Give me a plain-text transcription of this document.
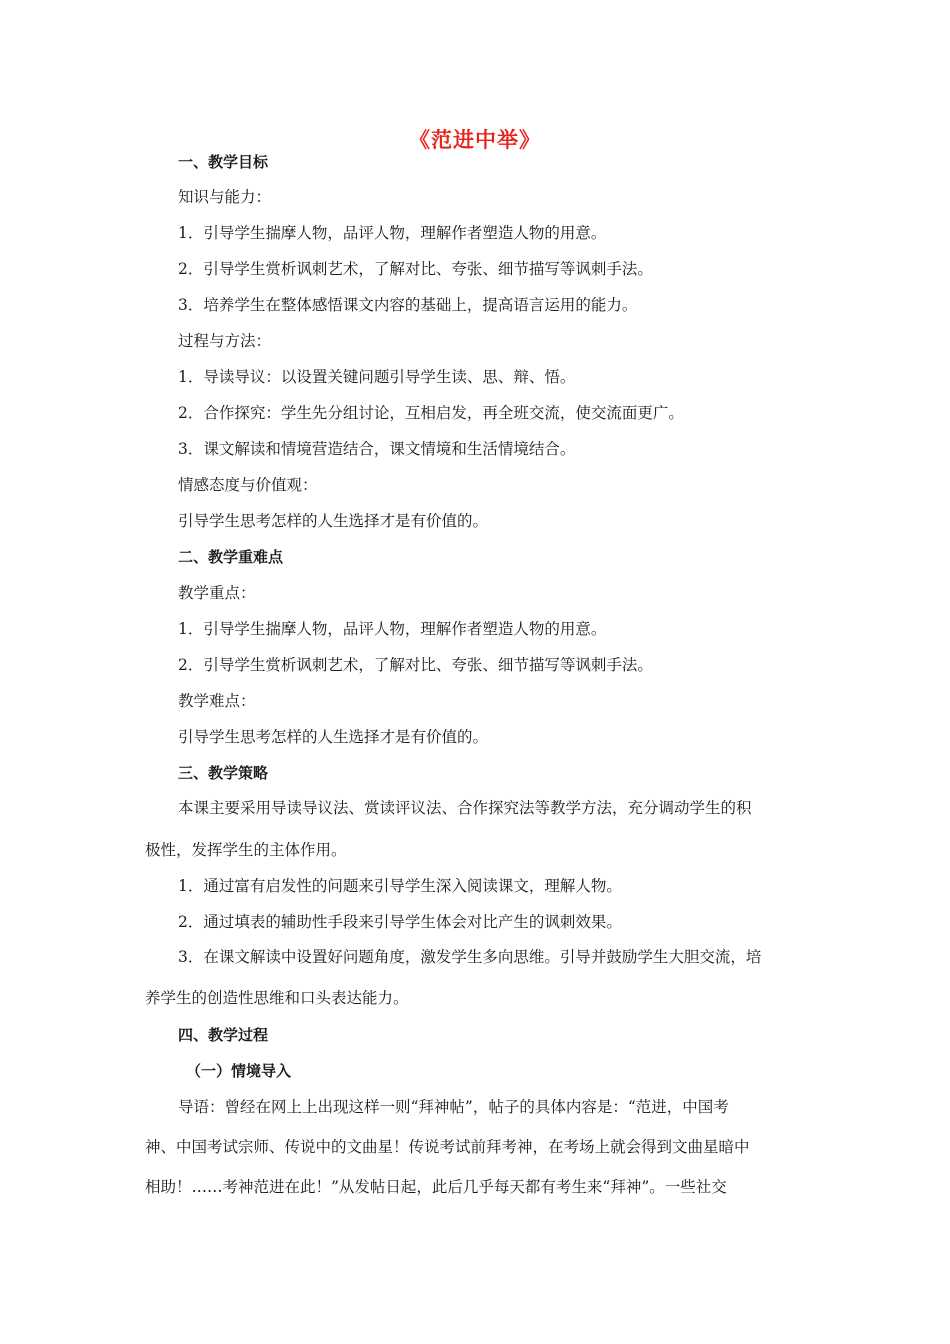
《范进中举》
一、教学目标
知识与能力：
1．引导学生揣摩人物，品评人物，理解作者塑造人物的用意。
2．引导学生赏析讽刺艺术，了解对比、夸张、细节描写等讽刺手法。
3．培养学生在整体感悟课文内容的基础上，提高语言运用的能力。
过程与方法：
1．导读导议：以设置关键问题引导学生读、思、辩、悟。
2．合作探究：学生先分组讨论，互相启发，再全班交流，使交流面更广。
3．课文解读和情境营造结合，课文情境和生活情境结合。
情感态度与价值观：
引导学生思考怎样的人生选择才是有价值的。
二、教学重难点
教学重点：
1．引导学生揣摩人物，品评人物，理解作者塑造人物的用意。
2．引导学生赏析讽刺艺术，了解对比、夸张、细节描写等讽刺手法。
教学难点：
引导学生思考怎样的人生选择才是有价值的。
三、教学策略
本课主要采用导读导议法、赏读评议法、合作探究法等教学方法，充分调动学生的积
极性，发挥学生的主体作用。
1．通过富有启发性的问题来引导学生深入阅读课文，理解人物。
2．通过填表的辅助性手段来引导学生体会对比产生的讽刺效果。
3．在课文解读中设置好问题角度，激发学生多向思维。引导并鼓励学生大胆交流，培
养学生的创造性思维和口头表达能力。
四、教学过程
（一）情境导入
导语：曾经在网上上出现这样一则“拜神帖”，帖子的具体内容是：“范进，中国考
神、中国考试宗师、传说中的文曲星！传说考试前拜考神，在考场上就会得到文曲星暗中
相助！……考神范进在此！”从发帖日起，此后几乎每天都有考生来“拜神”。一些社交
